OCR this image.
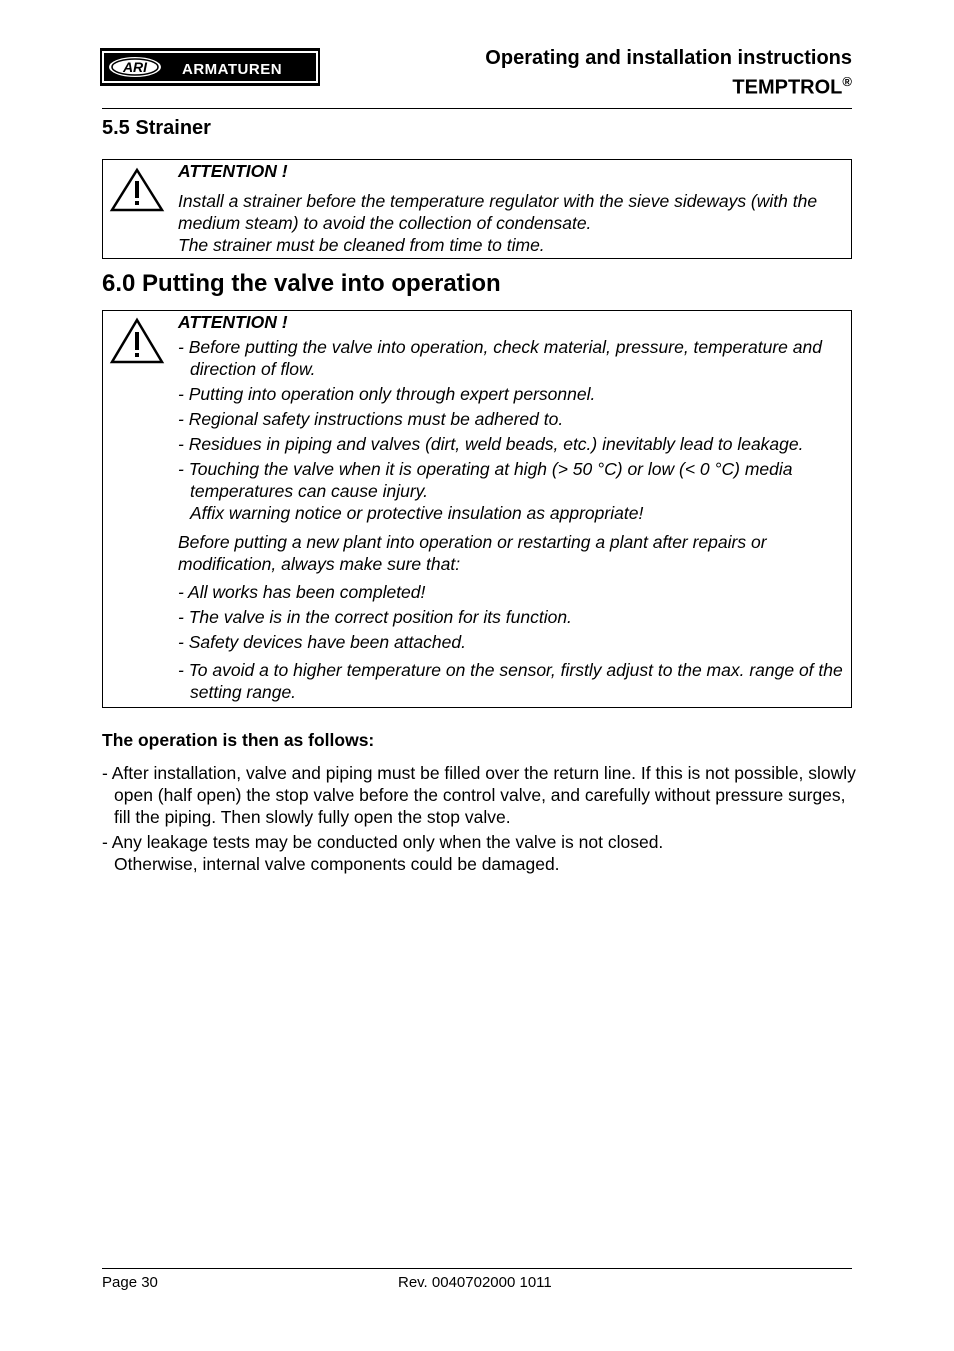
ARI ARMATUREN
Operating and installation instructions
TEMPTROL®
5.5 Strainer

ATTENTION !

Install a strainer before the temperature regulator with the sieve sideways (with the medium steam) to avoid the collection of condensate.

The strainer must be cleaned from time to time.

6.0 Putting the valve into operation

ATTENTION !

- Before putting the valve into operation, check material, pressure, temperature and direction of flow.

- Putting into operation only through expert personnel.

- Regional safety instructions must be adhered to.

- Residues in piping and valves (dirt, weld beads, etc.) inevitably lead to leakage.

- Touching the valve when it is operating at high (> 50 °C) or low (< 0 °C) media temperatures can cause injury.

Affix warning notice or protective insulation as appropriate!

Before putting a new plant into operation or restarting a plant after repairs or modification, always make sure that:

- All works has been completed!

- The valve is in the correct position for its function.

- Safety devices have been attached.

- To avoid a to higher temperature on the sensor, firstly adjust to the max. range of the setting range.

The operation is then as follows:

- After installation, valve and piping must be filled over the return line. If this is not possible, slowly open (half open) the stop valve before the control valve, and carefully without pressure surges, fill the piping. Then slowly fully open the stop valve.

- Any leakage tests may be conducted only when the valve is not closed.

Otherwise, internal valve components could be damaged.

Page 30	Rev. 0040702000 1011
